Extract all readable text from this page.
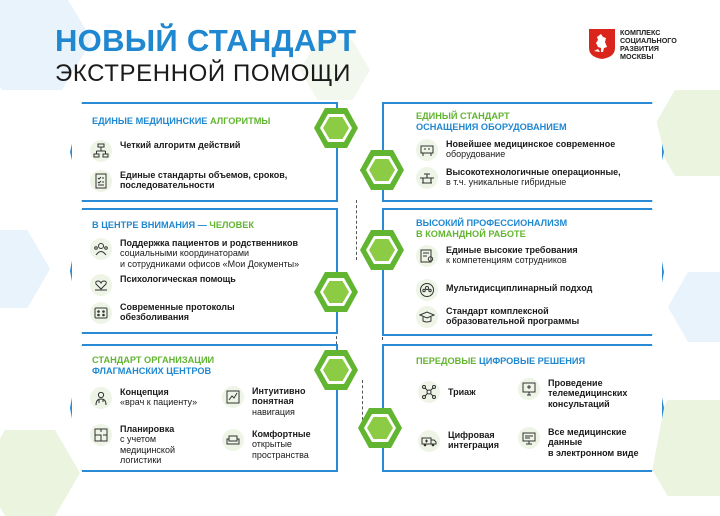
НОВЫЙ СТАНДАРТ
ЭКСТРЕННОЙ ПОМОЩИ
КОМПЛЕКС
СОЦИАЛЬНОГО
РАЗВИТИЯ
МОСКВЫ
ЕДИНЫЕ МЕДИЦИНСКИЕ АЛГОРИТМЫ
Четкий алгоритм действий
Единые стандарты объемов, сроков,
последовательности
ЕДИНЫЙ СТАНДАРТ
ОСНАЩЕНИЯ ОБОРУДОВАНИЕМ
Новейшее медицинское современное
оборудование
Высокотехнологичные операционные,
в т.ч. уникальные гибридные
В ЦЕНТРЕ ВНИМАНИЯ — ЧЕЛОВЕК
Поддержка пациентов и родственников
социальными координаторами
и сотрудниками офисов «Мои Документы»
Психологическая помощь
Современные протоколы
обезболивания
ВЫСОКИЙ ПРОФЕССИОНАЛИЗМ
В КОМАНДНОЙ РАБОТЕ
Единые высокие требования
к компетенциям сотрудников
Мультидисциплинарный подход
Стандарт комплексной
образовательной программы
СТАНДАРТ ОРГАНИЗАЦИИ
ФЛАГМАНСКИХ ЦЕНТРОВ
Концепция
«врач к пациенту»
Интуитивно
понятная
навигация
Планировка
с учетом
медицинской
логистики
Комфортные
открытые
пространства
ПЕРЕДОВЫЕ ЦИФРОВЫЕ РЕШЕНИЯ
Триаж
Проведение
телемедицинских
консультаций
Цифровая
интеграция
Все медицинские
данные
в электронном виде
